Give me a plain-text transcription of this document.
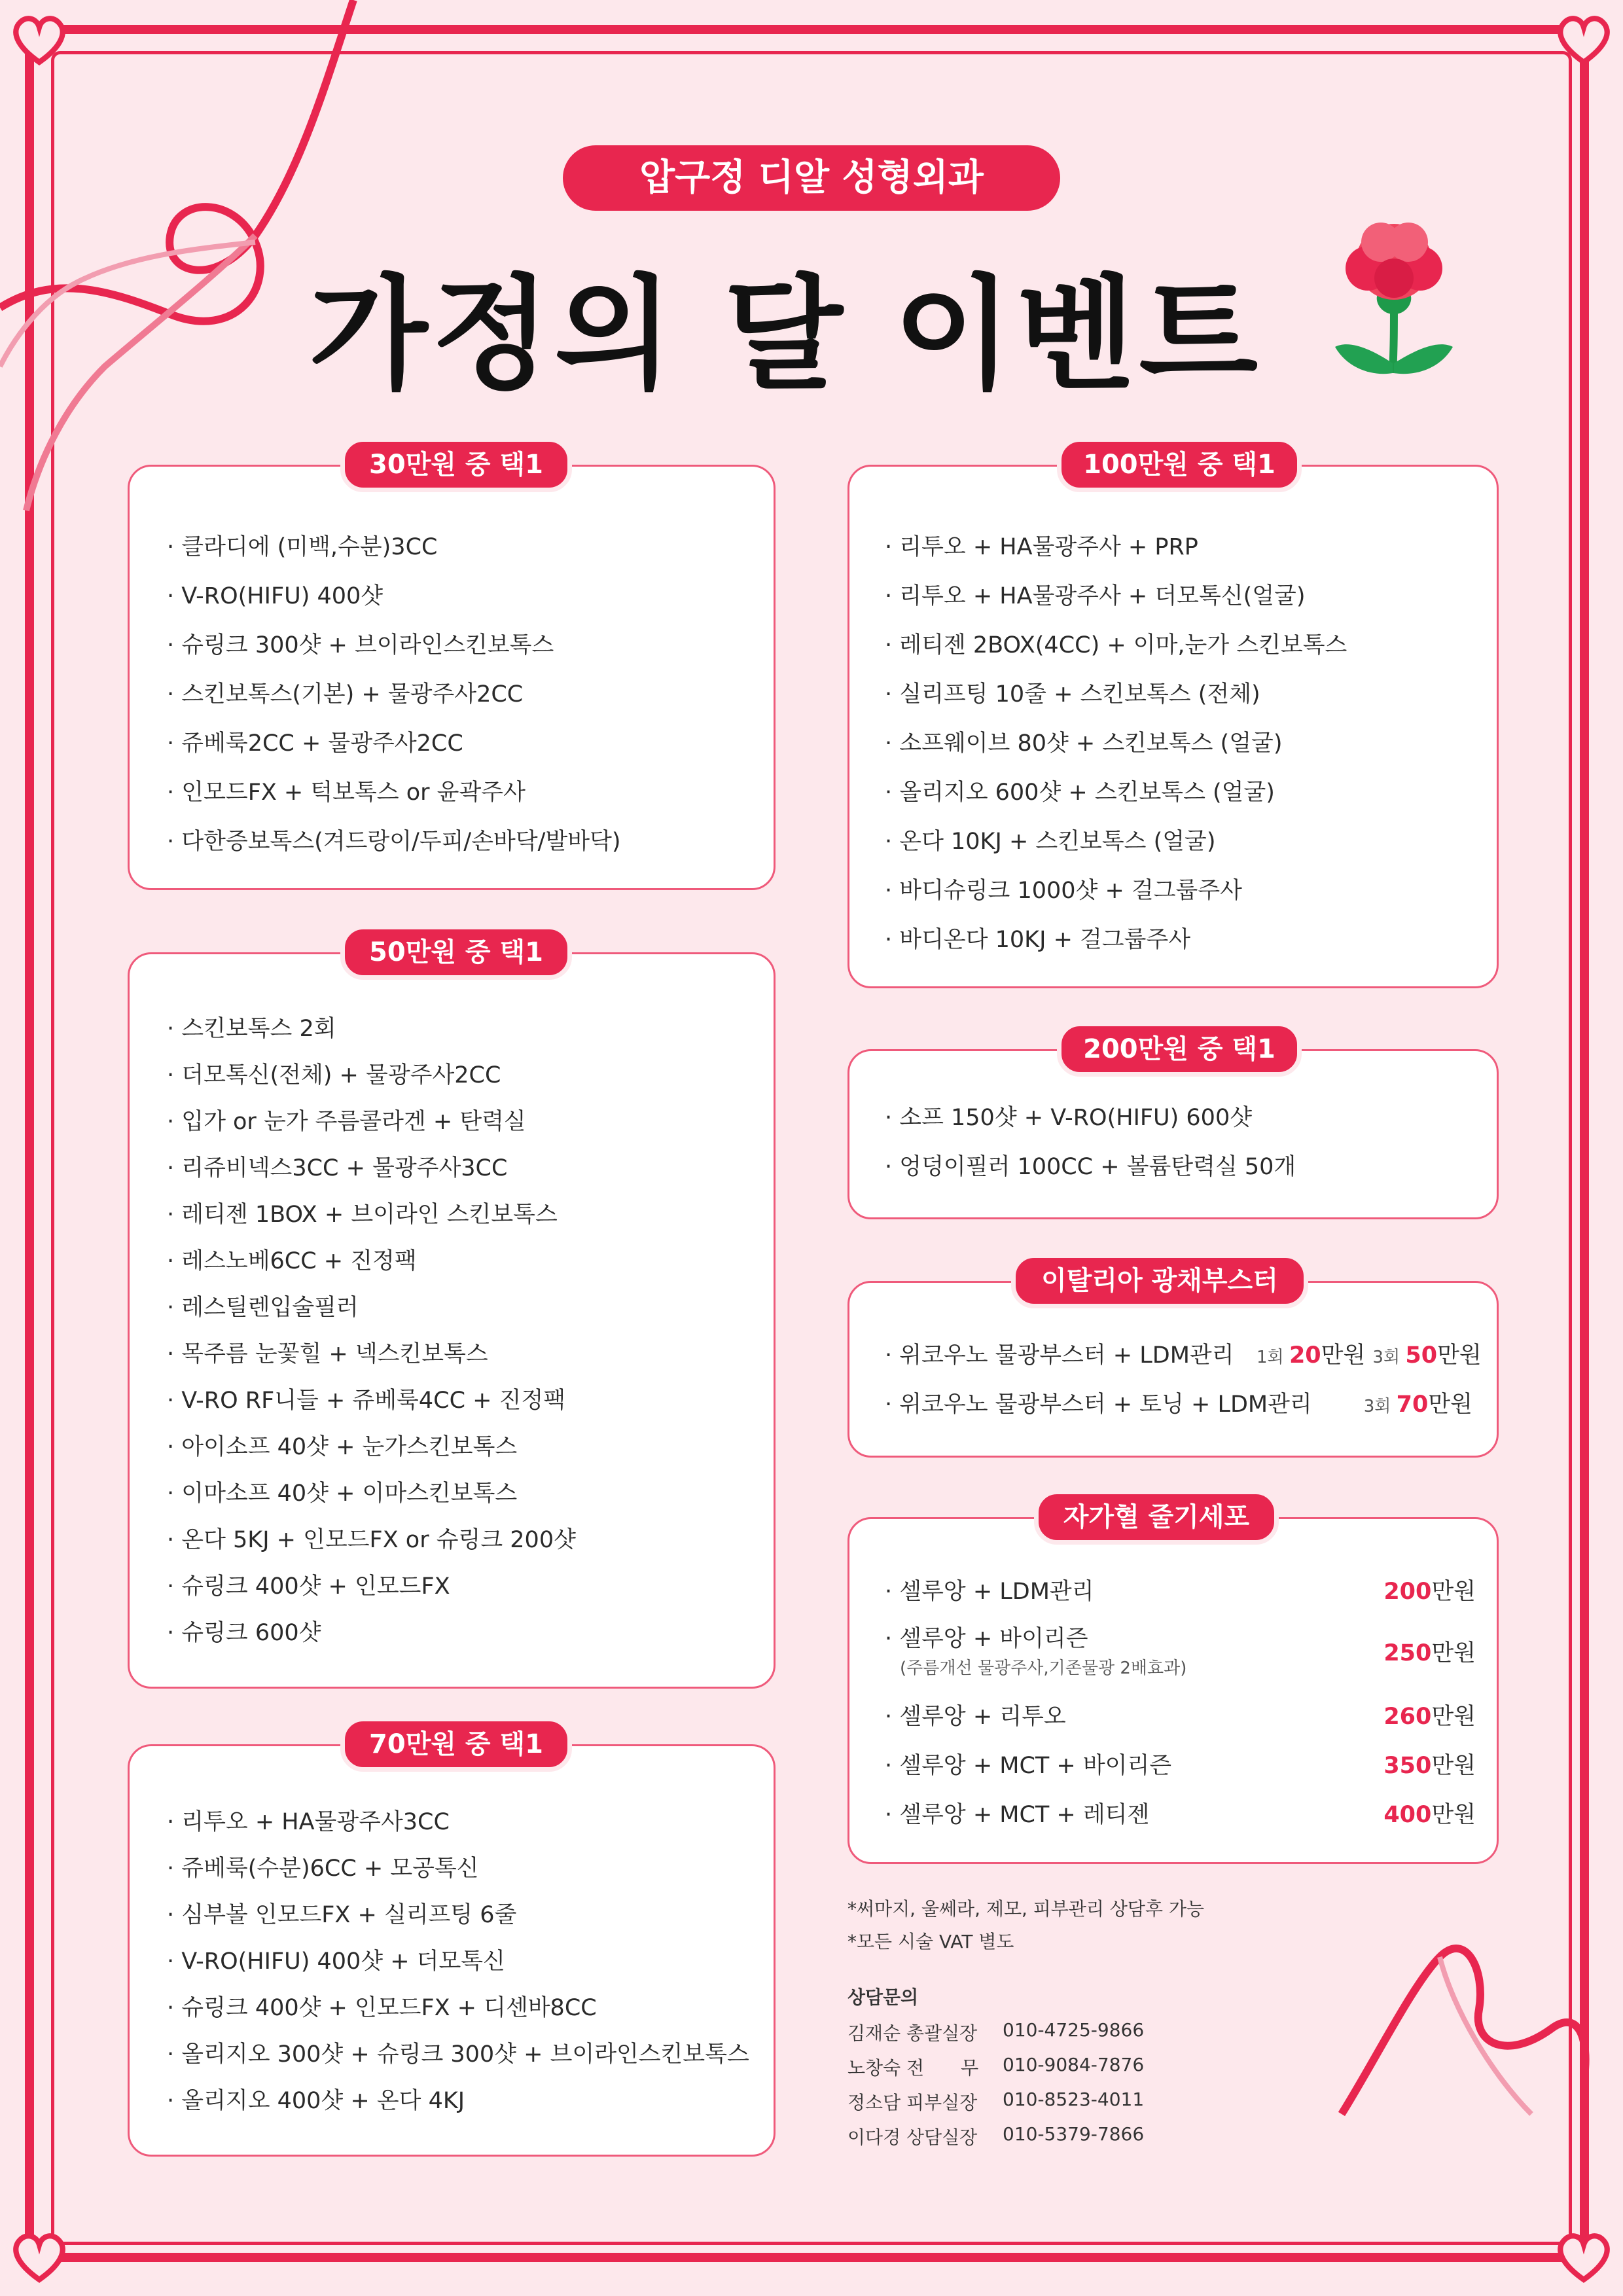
압구정 디알 성형외과
가정의 달 이벤트
30만원 중 택1
· 클라디에 (미백,수분)3CC
· V-RO(HIFU) 400샷
· 슈링크 300샷 + 브이라인스킨보톡스
· 스킨보톡스(기본) + 물광주사2CC
· 쥬베룩2CC + 물광주사2CC
· 인모드FX + 턱보톡스 or 윤곽주사
· 다한증보톡스(겨드랑이/두피/손바닥/발바닥)
50만원 중 택1
· 스킨보톡스 2회
· 더모톡신(전체) + 물광주사2CC
· 입가 or 눈가 주름콜라겐 + 탄력실
· 리쥬비넥스3CC + 물광주사3CC
· 레티젠 1BOX + 브이라인 스킨보톡스
· 레스노베6CC + 진정팩
· 레스틸렌입술필러
· 목주름 눈꽃힐 + 넥스킨보톡스
· V-RO RF니들 + 쥬베룩4CC + 진정팩
· 아이소프 40샷 + 눈가스킨보톡스
· 이마소프 40샷 + 이마스킨보톡스
· 온다 5KJ + 인모드FX or 슈링크 200샷
· 슈링크 400샷 + 인모드FX
· 슈링크 600샷
70만원 중 택1
· 리투오 + HA물광주사3CC
· 쥬베룩(수분)6CC + 모공톡신
· 심부볼 인모드FX + 실리프팅 6줄
· V-RO(HIFU) 400샷 + 더모톡신
· 슈링크 400샷 + 인모드FX + 디센바8CC
· 올리지오 300샷 + 슈링크 300샷 + 브이라인스킨보톡스
· 올리지오 400샷 + 온다 4KJ
100만원 중 택1
· 리투오 + HA물광주사 + PRP
· 리투오 + HA물광주사 + 더모톡신(얼굴)
· 레티젠 2BOX(4CC) + 이마,눈가 스킨보톡스
· 실리프팅 10줄 + 스킨보톡스 (전체)
· 소프웨이브 80샷 + 스킨보톡스 (얼굴)
· 올리지오 600샷 + 스킨보톡스 (얼굴)
· 온다 10KJ + 스킨보톡스 (얼굴)
· 바디슈링크 1000샷 + 걸그룹주사
· 바디온다 10KJ + 걸그룹주사
200만원 중 택1
· 소프 150샷 + V-RO(HIFU) 600샷
· 엉덩이필러 100CC + 볼륨탄력실 50개
이탈리아 광채부스터
· 위코우노 물광부스터 + LDM관리 1회 20만원 3회 50만원
· 위코우노 물광부스터 + 토닝 + LDM관리	3회 70만원
자가혈 줄기세포
· 셀루앙 + LDM관리	200만원
· 셀루앙 + 바이리즌
(주름개선 물광주사,기존물광 2배효과)
250만원
· 셀루앙 + 리투오	260만원
· 셀루앙 + MCT + 바이리즌	350만원
· 셀루앙 + MCT + 레티젠	400만원
*써마지, 울쎄라, 제모, 피부관리 상담후 가능
*모든 시술 VAT 별도
상담문의
김재순 총괄실장 010-4725-9866
노창숙 전　　무 010-9084-7876
정소담 피부실장 010-8523-4011
이다경 상담실장 010-5379-7866
